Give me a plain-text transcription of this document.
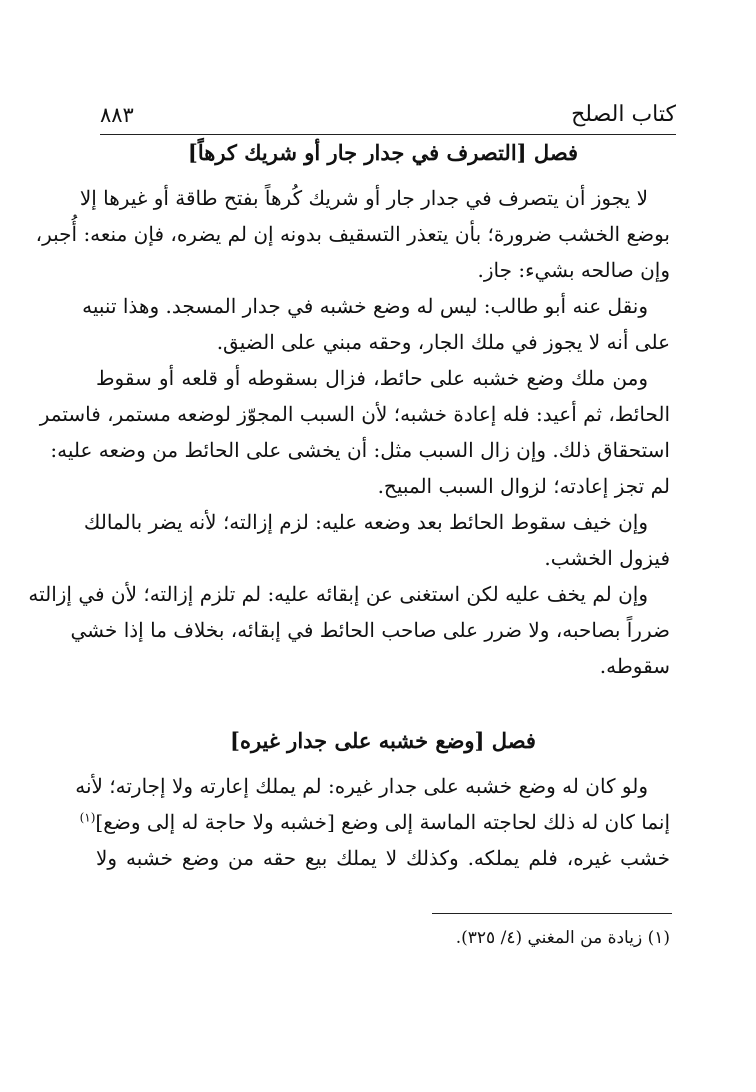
كتاب الصلح
٨٨٣
فصل [التصرف في جدار جار أو شريك كرهاً]
لا يجوز أن يتصرف في جدار جار أو شريك كُرهاً بفتح طاقة أو غيرها إلا
بوضع الخشب ضرورة؛ بأن يتعذر التسقيف بدونه إن لم يضره، فإن منعه: أُجبر،
وإن صالحه بشيء: جاز.
ونقل عنه أبو طالب: ليس له وضع خشبه في جدار المسجد. وهذا تنبيه
على أنه لا يجوز في ملك الجار، وحقه مبني على الضيق.
ومن ملك وضع خشبه على حائط، فزال بسقوطه أو قلعه أو سقوط
الحائط، ثم أعيد: فله إعادة خشبه؛ لأن السبب المجوّز لوضعه مستمر، فاستمر
استحقاق ذلك. وإن زال السبب مثل: أن يخشى على الحائط من وضعه عليه:
لم تجز إعادته؛ لزوال السبب المبيح.
وإن خيف سقوط الحائط بعد وضعه عليه: لزم إزالته؛ لأنه يضر بالمالك
فيزول الخشب.
وإن لم يخف عليه لكن استغنى عن إبقائه عليه: لم تلزم إزالته؛ لأن في إزالته
ضرراً بصاحبه، ولا ضرر على صاحب الحائط في إبقائه، بخلاف ما إذا خشي
سقوطه.
فصل [وضع خشبه على جدار غيره]
ولو كان له وضع خشبه على جدار غيره: لم يملك إعارته ولا إجارته؛ لأنه
إنما كان له ذلك لحاجته الماسة إلى وضع [خشبه ولا حاجة له إلى وضع]$^{(١)}$
خشب غيره، فلم يملكه. وكذلك لا يملك بيع حقه من وضع خشبه ولا
(١) زيادة من المغني (٤/ ٣٢٥).
